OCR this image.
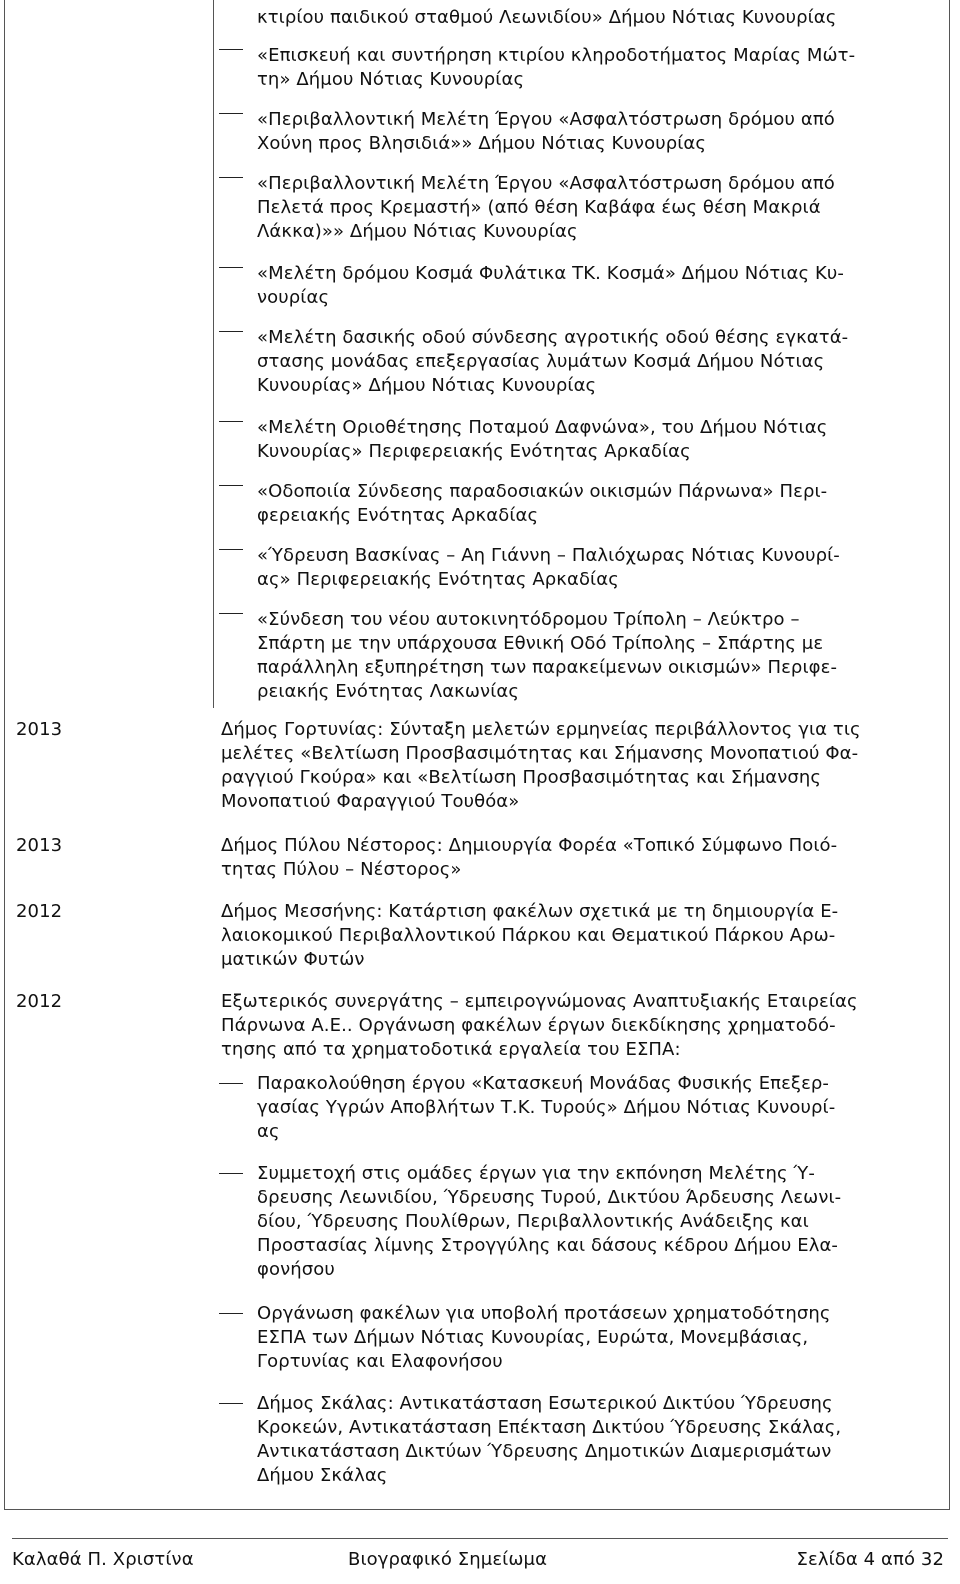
κτιρίου παιδικού σταθμού Λεωνιδίου» Δήμου Νότιας Κυνουρίας
«Επισκευή και συντήρηση κτιρίου κληροδοτήματος Μαρίας Μώτ-
τη» Δήμου Νότιας Κυνουρίας
«Περιβαλλοντική Μελέτη Έργου «Ασφαλτόστρωση δρόμου από
Χούνη προς Βλησιδιά»» Δήμου Νότιας Κυνουρίας
«Περιβαλλοντική Μελέτη Έργου «Ασφαλτόστρωση δρόμου από
Πελετά προς Κρεμαστή» (από θέση Καβάφα έως θέση Μακριά
Λάκκα)»» Δήμου Νότιας Κυνουρίας
«Μελέτη δρόμου Κοσμά Φυλάτικα ΤΚ. Κοσμά» Δήμου Νότιας Κυ-
νουρίας
«Μελέτη δασικής οδού σύνδεσης αγροτικής οδού θέσης εγκατά-
στασης μονάδας επεξεργασίας λυμάτων Κοσμά Δήμου Νότιας
Κυνουρίας» Δήμου Νότιας Κυνουρίας
«Μελέτη Οριοθέτησης Ποταμού Δαφνώνα», του Δήμου Νότιας
Κυνουρίας» Περιφερειακής Ενότητας Αρκαδίας
«Οδοποιία Σύνδεσης παραδοσιακών οικισμών Πάρνωνα» Περι-
φερειακής Ενότητας Αρκαδίας
«Ύδρευση Βασκίνας – Αη Γιάννη – Παλιόχωρας Νότιας Κυνουρί-
ας» Περιφερειακής Ενότητας Αρκαδίας
«Σύνδεση του νέου αυτοκινητόδρομου Τρίπολη – Λεύκτρο –
Σπάρτη με την υπάρχουσα Εθνική Οδό Τρίπολης – Σπάρτης με
παράλληλη εξυπηρέτηση των παρακείμενων οικισμών» Περιφε-
ρειακής Ενότητας Λακωνίας
2013	Δήμος Γορτυνίας: Σύνταξη μελετών ερμηνείας περιβάλλοντος για τις
μελέτες «Βελτίωση Προσβασιμότητας και Σήμανσης Μονοπατιού Φα-
ραγγιού Γκούρα» και «Βελτίωση Προσβασιμότητας και Σήμανσης
Μονοπατιού Φαραγγιού Τουθόα»
2013	Δήμος Πύλου Νέστορος: Δημιουργία Φορέα «Τοπικό Σύμφωνο Ποιό-
τητας Πύλου – Νέστορος»
2012	Δήμος Μεσσήνης: Κατάρτιση φακέλων σχετικά με τη δημιουργία Ε-
λαιοκομικού Περιβαλλοντικού Πάρκου και Θεματικού Πάρκου Αρω-
ματικών Φυτών
2012	Εξωτερικός συνεργάτης – εμπειρογνώμονας Αναπτυξιακής Εταιρείας
Πάρνωνα Α.Ε.. Οργάνωση φακέλων έργων διεκδίκησης χρηματοδό-
τησης από τα χρηματοδοτικά εργαλεία του ΕΣΠΑ:
Παρακολούθηση έργου «Κατασκευή Μονάδας Φυσικής Επεξερ-
γασίας Υγρών Αποβλήτων Τ.Κ. Τυρούς» Δήμου Νότιας Κυνουρί-
ας
Συμμετοχή στις ομάδες έργων για την εκπόνηση Μελέτης Ύ-
δρευσης Λεωνιδίου, Ύδρευσης Τυρού, Δικτύου Άρδευσης Λεωνι-
δίου, Ύδρευσης Πουλίθρων, Περιβαλλοντικής Ανάδειξης και
Προστασίας λίμνης Στρογγύλης και δάσους κέδρου Δήμου Ελα-
φονήσου
Οργάνωση φακέλων για υποβολή προτάσεων χρηματοδότησης
ΕΣΠΑ των Δήμων Νότιας Κυνουρίας, Ευρώτα, Μονεμβάσιας,
Γορτυνίας και Ελαφονήσου
Δήμος Σκάλας: Αντικατάσταση Εσωτερικού Δικτύου Ύδρευσης
Κροκεών, Αντικατάσταση Επέκταση Δικτύου Ύδρευσης Σκάλας,
Αντικατάσταση Δικτύων Ύδρευσης Δημοτικών Διαμερισμάτων
Δήμου Σκάλας
Καλαθά Π. Χριστίνα	Βιογραφικό Σημείωμα	Σελίδα 4 από 32
